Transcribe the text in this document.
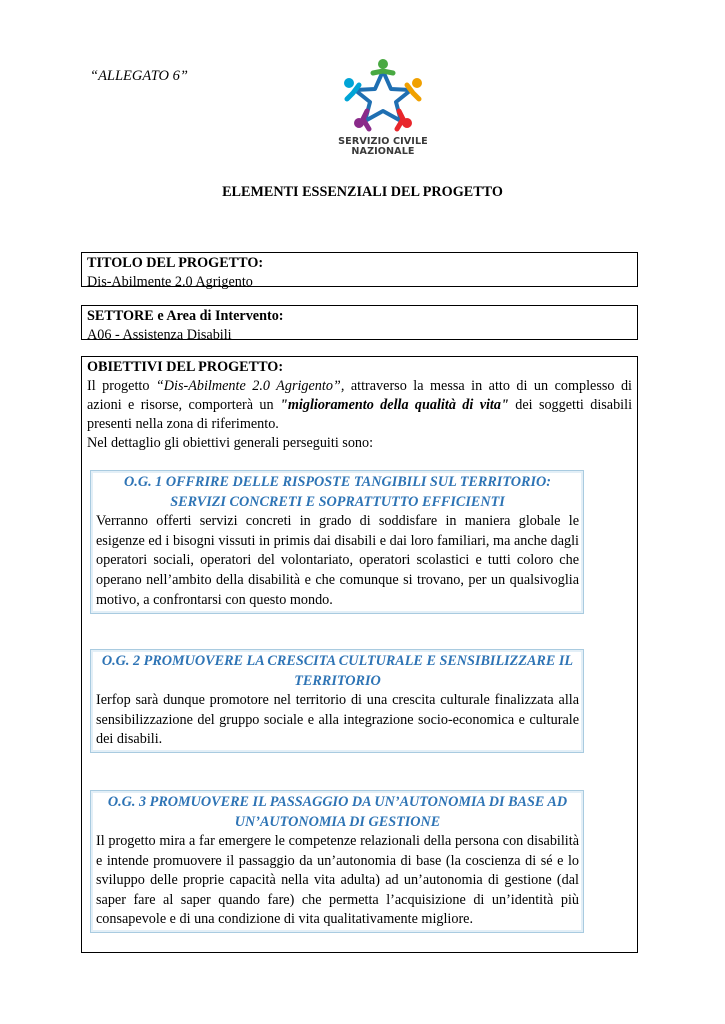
“ALLEGATO 6”
SERVIZIO CIVILE
NAZIONALE
ELEMENTI ESSENZIALI DEL PROGETTO
TITOLO DEL PROGETTO:
Dis-Abilmente 2.0 Agrigento
SETTORE e Area di Intervento:
A06 - Assistenza Disabili
OBIETTIVI DEL PROGETTO:

Il progetto “Dis-Abilmente 2.0 Agrigento”, attraverso la messa in atto di un complesso di azioni e risorse, comporterà un "miglioramento della qualità di vita" dei soggetti disabili presenti nella zona di riferimento.

Nel dettaglio gli obiettivi generali perseguiti sono:

O.G. 1 OFFRIRE DELLE RISPOSTE TANGIBILI SUL TERRITORIO: SERVIZI CONCRETI E SOPRATTUTTO EFFICIENTI
Verranno offerti servizi concreti in grado di soddisfare in maniera globale le esigenze ed i bisogni vissuti in primis dai disabili e dai loro familiari, ma anche dagli operatori sociali, operatori del volontariato, operatori scolastici e tutti coloro che operano nell’ambito della disabilità e che comunque si trovano, per un qualsivoglia motivo, a confrontarsi con questo mondo.
O.G. 2 PROMUOVERE LA CRESCITA CULTURALE E SENSIBILIZZARE IL TERRITORIO
Ierfop sarà dunque promotore nel territorio di una crescita culturale finalizzata alla sensibilizzazione del gruppo sociale e alla integrazione socio-economica e culturale dei disabili.
O.G. 3 PROMUOVERE IL PASSAGGIO DA UN’AUTONOMIA DI BASE AD UN’AUTONOMIA DI GESTIONE
Il progetto mira a far emergere le competenze relazionali della persona con disabilità e intende promuovere il passaggio da un’autonomia di base (la coscienza di sé e lo sviluppo delle proprie capacità nella vita adulta) ad un’autonomia di gestione (dal saper fare al saper quando fare) che permetta l’acquisizione di un’identità più consapevole e di una condizione di vita qualitativamente migliore.
